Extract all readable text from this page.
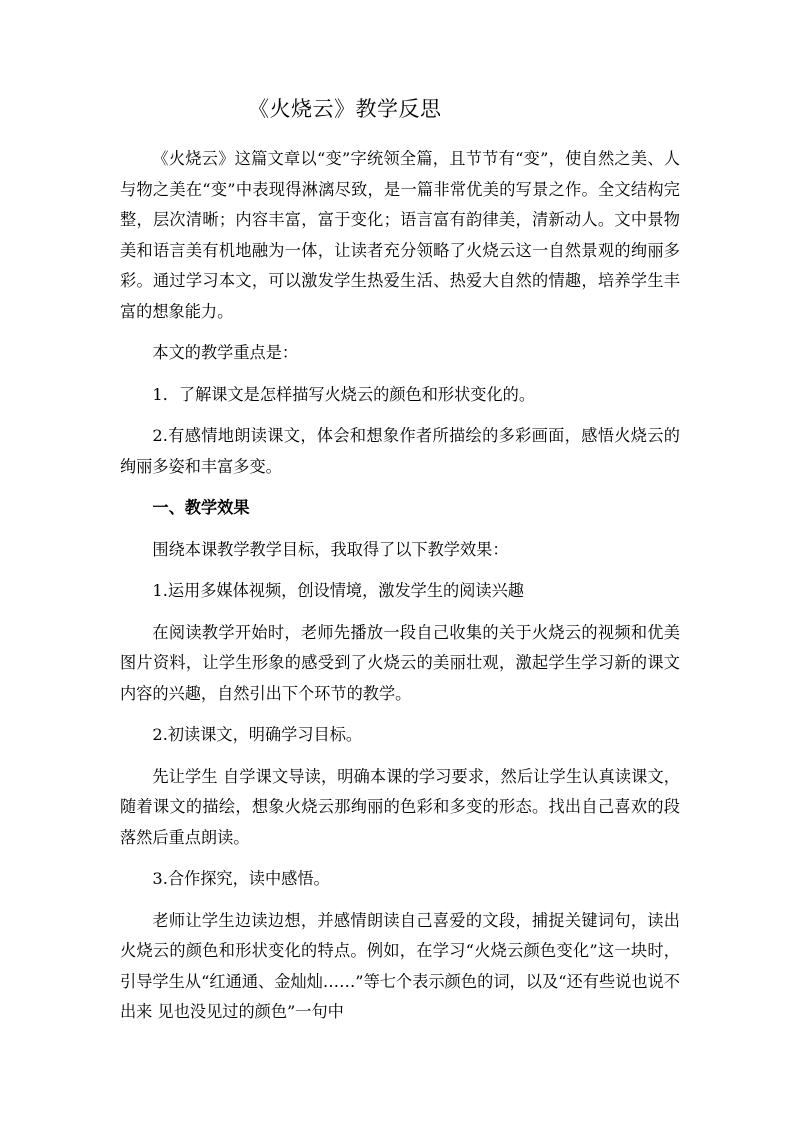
《火烧云》教学反思

《火烧云》这篇文章以“变”字统领全篇，且节节有“变”，使自然之美、人与物之美在“变”中表现得淋漓尽致，是一篇非常优美的写景之作。全文结构完整，层次清晰；内容丰富，富于变化；语言富有韵律美，清新动人。文中景物美和语言美有机地融为一体，让读者充分领略了火烧云这一自然景观的绚丽多彩。通过学习本文，可以激发学生热爱生活、热爱大自然的情趣，培养学生丰富的想象能力。

本文的教学重点是：

1．了解课文是怎样描写火烧云的颜色和形状变化的。

2.有感情地朗读课文，体会和想象作者所描绘的多彩画面，感悟火烧云的绚丽多姿和丰富多变。

一、教学效果

围绕本课教学教学目标，我取得了以下教学效果：

1.运用多媒体视频，创设情境，激发学生的阅读兴趣

在阅读教学开始时，老师先播放一段自己收集的关于火烧云的视频和优美图片资料，让学生形象的感受到了火烧云的美丽壮观，激起学生学习新的课文内容的兴趣，自然引出下个环节的教学。

2.初读课文，明确学习目标。

先让学生 自学课文导读，明确本课的学习要求，然后让学生认真读课文，随着课文的描绘，想象火烧云那绚丽的色彩和多变的形态。找出自己喜欢的段落然后重点朗读。

3.合作探究，读中感悟。

老师让学生边读边想，并感情朗读自己喜爱的文段，捕捉关键词句，读出火烧云的颜色和形状变化的特点。例如，在学习“火烧云颜色变化”这一块时，引导学生从“红通通、金灿灿……”等七个表示颜色的词，以及“还有些说也说不出来 见也没见过的颜色”一句中
